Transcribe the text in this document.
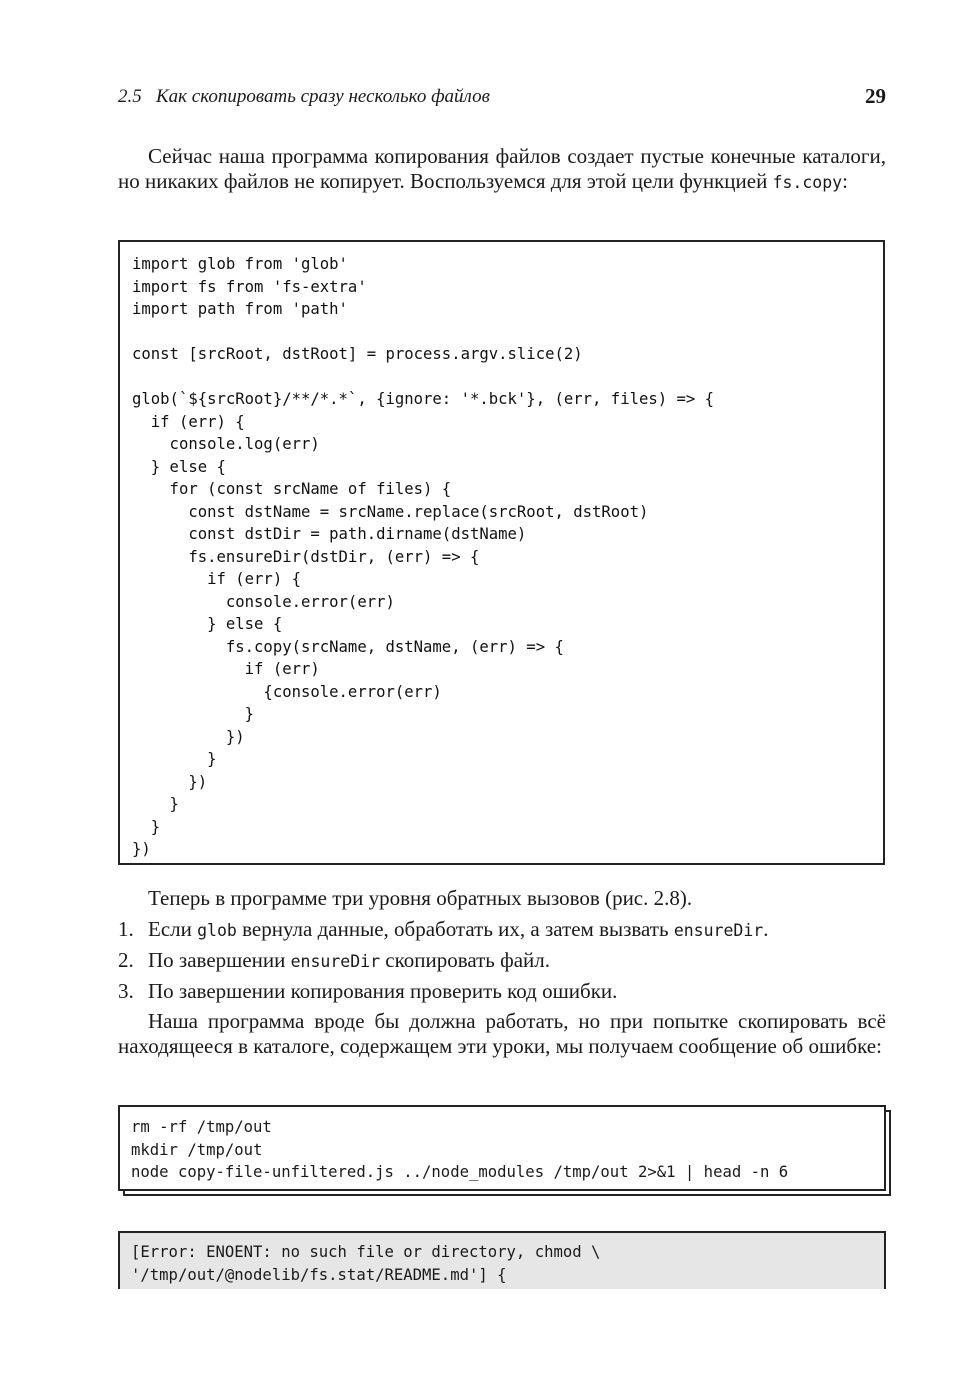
2.5 Как скопировать сразу несколько файлов	29
Сейчас наша программа копирования файлов создает пустые конечные каталоги, но никаких файлов не копирует. Воспользуемся для этой цели функцией fs.copy:
import glob from 'glob'
import fs from 'fs-extra'
import path from 'path'

const [srcRoot, dstRoot] = process.argv.slice(2)

glob(`${srcRoot}/**/*.*`, {ignore: '*.bck'}, (err, files) => {
if (err) {
console.log(err)
} else {
for (const srcName of files) {
const dstName = srcName.replace(srcRoot, dstRoot)
const dstDir = path.dirname(dstName)
fs.ensureDir(dstDir, (err) => {
if (err) {
console.error(err)
} else {
fs.copy(srcName, dstName, (err) => {
if (err)
{console.error(err)
}
})
}
})
}
}
})
Теперь в программе три уровня обратных вызовов (рис. 2.8).
1. Если glob вернула данные, обработать их, а затем вызвать ensureDir.
2. По завершении ensureDir скопировать файл.
3. По завершении копирования проверить код ошибки.
Наша программа вроде бы должна работать, но при попытке скопировать всё находящееся в каталоге, содержащем эти уроки, мы получаем сообщение об ошибке:
rm -rf /tmp/out
mkdir /tmp/out
node copy-file-unfiltered.js ../node_modules /tmp/out 2>&1 | head -n 6
[Error: ENOENT: no such file or directory, chmod \
'/tmp/out/@nodelib/fs.stat/README.md'] {
